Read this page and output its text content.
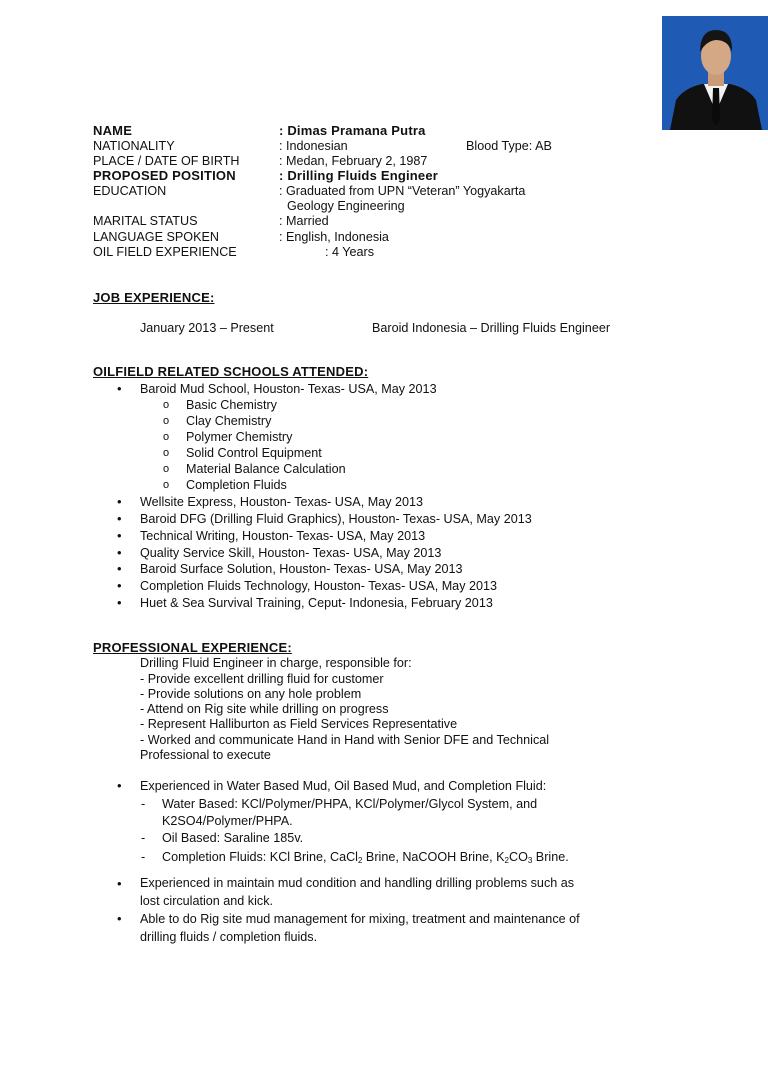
NAME	: Dimas Pramana Putra
NATIONALITY	: Indonesian	Blood Type: AB
PLACE / DATE OF BIRTH	: Medan, February 2, 1987
PROPOSED POSITION	: Drilling Fluids Engineer
EDUCATION	: Graduated from UPN “Veteran” Yogyakarta
Geology Engineering
MARITAL STATUS	: Married
LANGUAGE SPOKEN	: English, Indonesia
OIL FIELD EXPERIENCE	: 4 Years
JOB EXPERIENCE:
January 2013 – Present	Baroid Indonesia – Drilling Fluids Engineer
OILFIELD RELATED SCHOOLS ATTENDED:
• Baroid Mud School, Houston- Texas- USA, May 2013
o Basic Chemistry
o Clay Chemistry
o Polymer Chemistry
o Solid Control Equipment
o Material Balance Calculation
o Completion Fluids
• Wellsite Express, Houston- Texas- USA, May 2013
• Baroid DFG (Drilling Fluid Graphics), Houston- Texas- USA, May 2013
• Technical Writing, Houston- Texas- USA, May 2013
• Quality Service Skill, Houston- Texas- USA, May 2013
• Baroid Surface Solution, Houston- Texas- USA, May 2013
• Completion Fluids Technology, Houston- Texas- USA, May 2013
• Huet & Sea Survival Training, Ceput- Indonesia, February 2013
PROFESSIONAL EXPERIENCE:
Drilling Fluid Engineer in charge, responsible for:
- Provide excellent drilling fluid for customer
- Provide solutions on any hole problem
- Attend on Rig site while drilling on progress
- Represent Halliburton as Field Services Representative
- Worked and communicate Hand in Hand with Senior DFE and Technical
Professional to execute
• Experienced in Water Based Mud, Oil Based Mud, and Completion Fluid:
- Water Based: KCl/Polymer/PHPA, KCl/Polymer/Glycol System, and
K2SO4/Polymer/PHPA.
- Oil Based: Saraline 185v.
- Completion Fluids: KCl Brine, CaCl$_2$ Brine, NaCOOH Brine, $K_2CO_3$ Brine.
• Experienced in maintain mud condition and handling drilling problems such as
lost circulation and kick.
• Able to do Rig site mud management for mixing, treatment and maintenance of
drilling fluids / completion fluids.
